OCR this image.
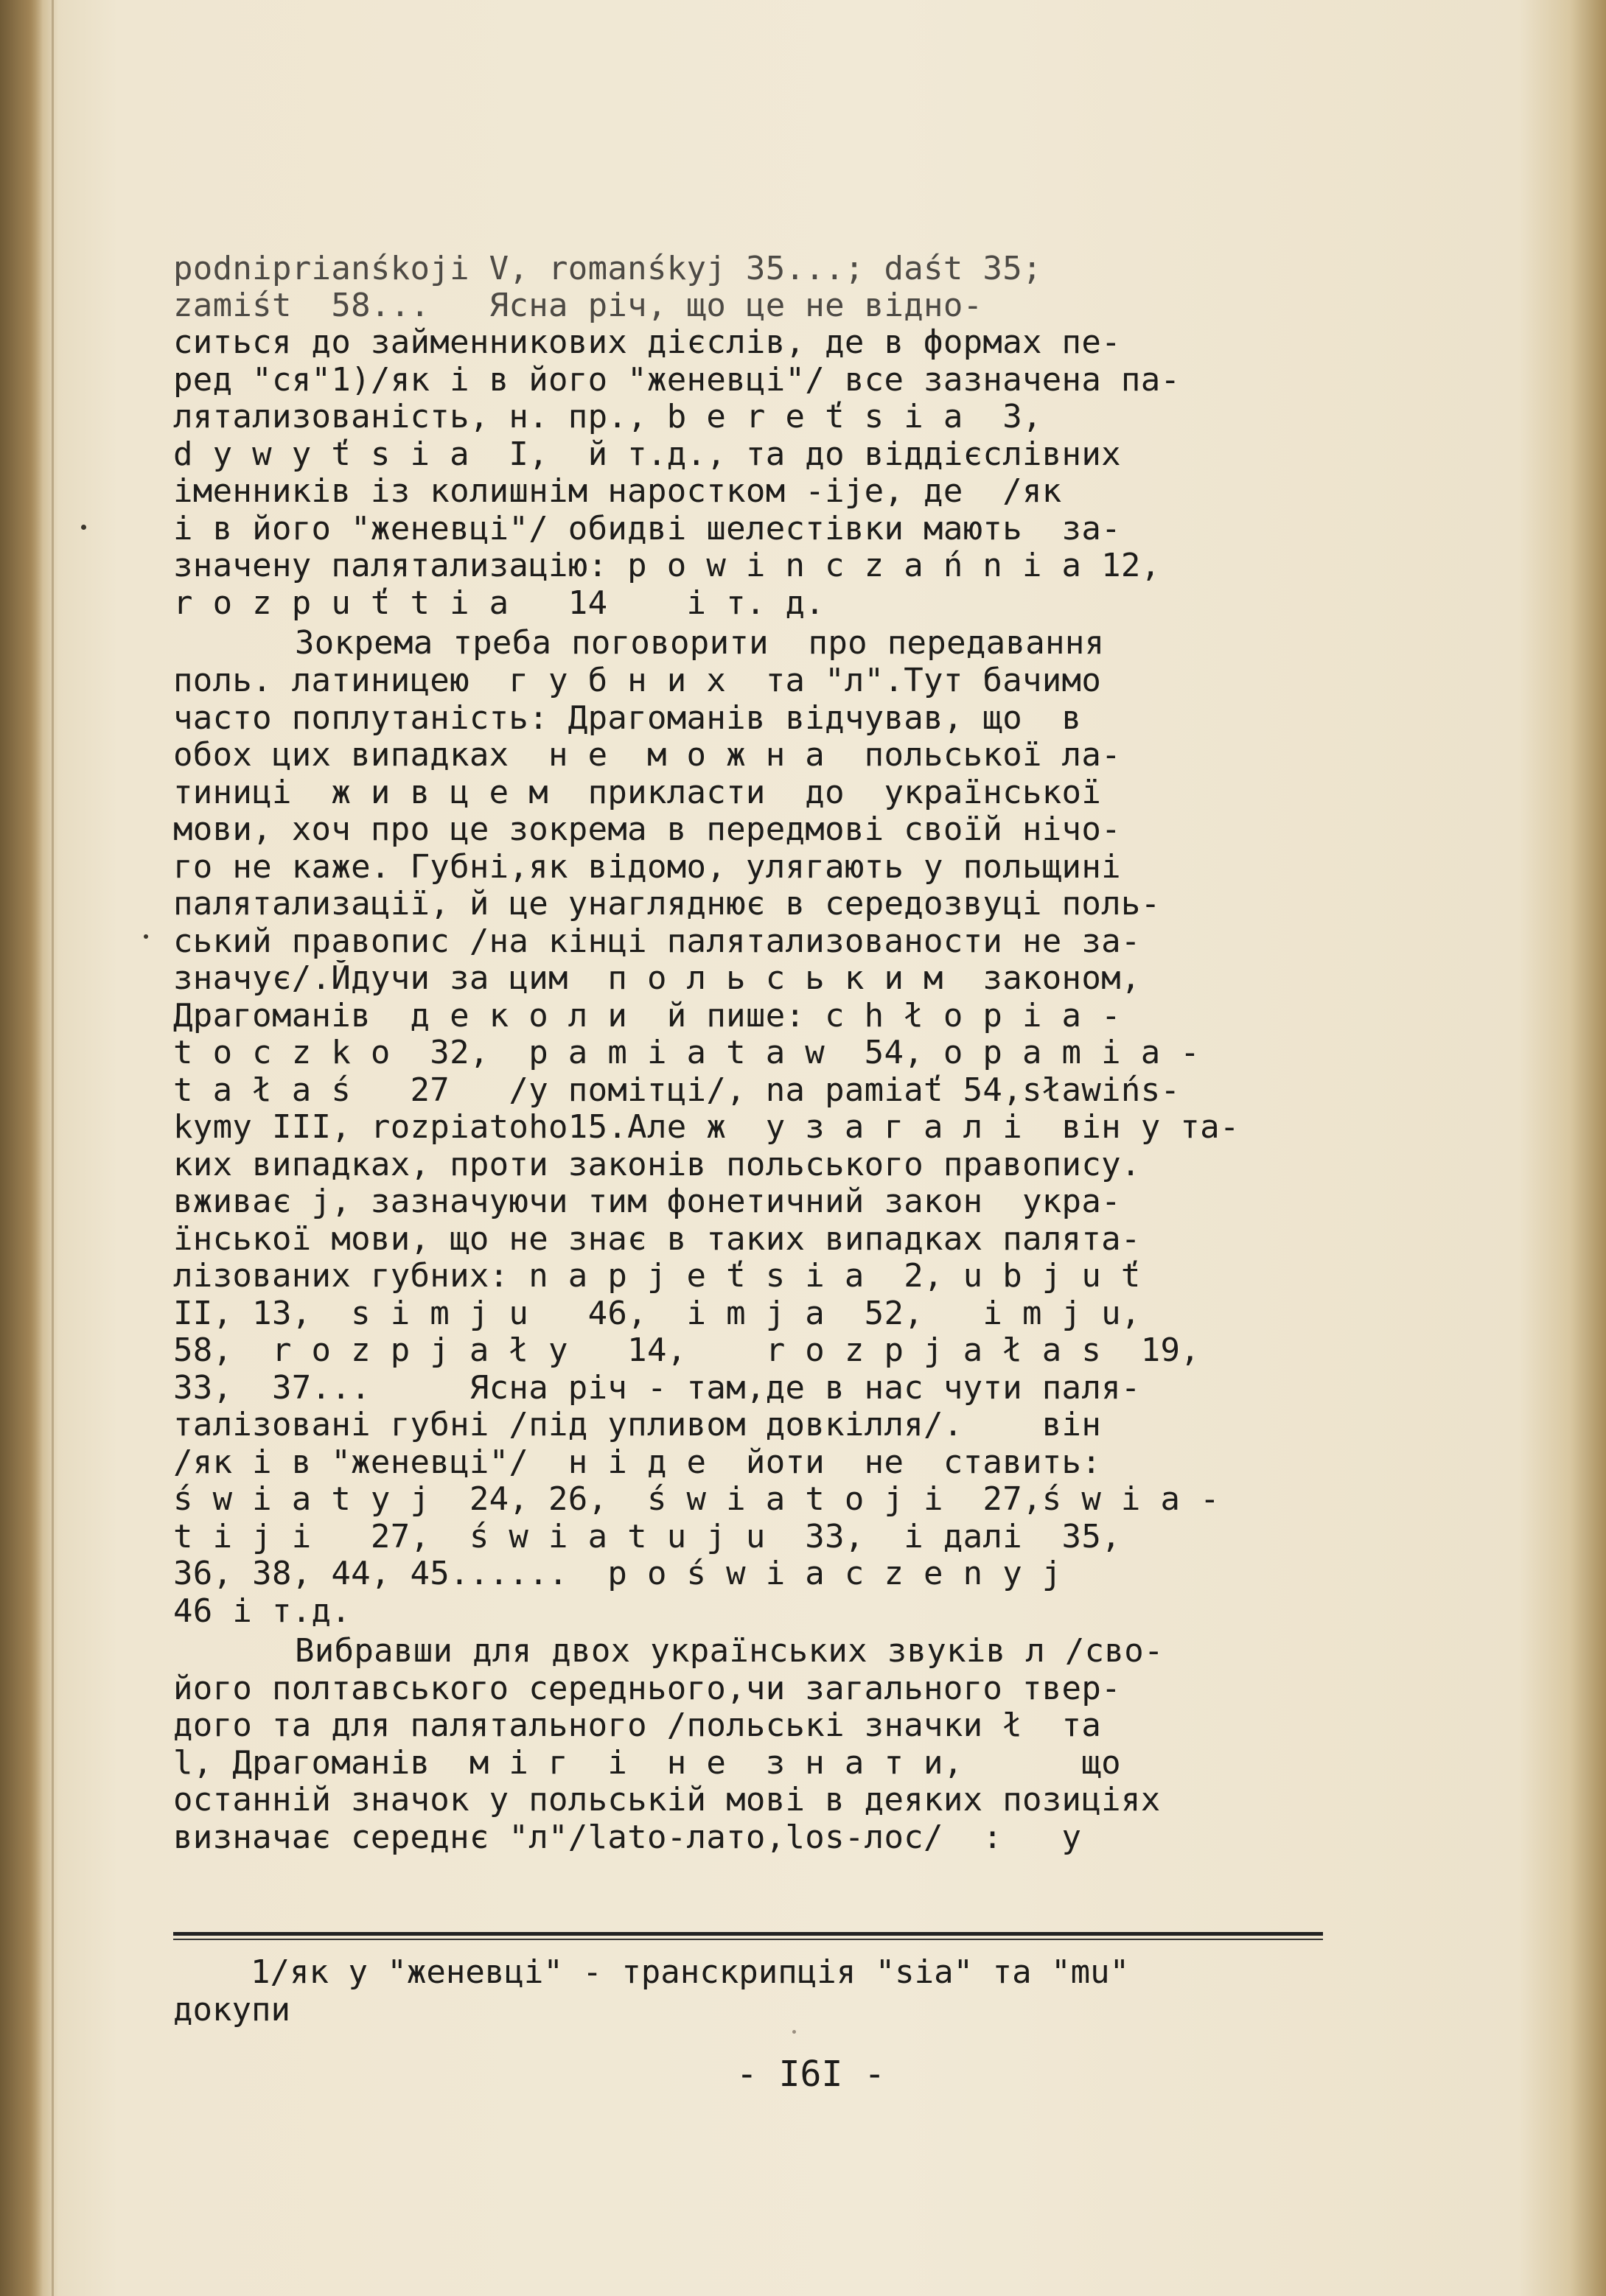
podniprianśkoji V, romanśkyj 35...; daśt 35;
zamiśt  58...   Ясна річ, що це не відно-
ситься до займенникових дієслів, де в формах пе-
ред "ся"1)/як і в його "женевці"/ все зазначена па-
лятализованість, н. пр., b e r e ť s i a  3,
d y w y ť s i a  I,  й т.д., та до віддієслівних
іменників із колишнім наростком -ije, де  /як
і в його "женевці"/ обидві шелестівки мають  за-
значену палятализацію: p o w i n c z a ń n i a 12,
r o z p u ť t i a   14    і т. д.
Зокрема треба поговорити  про передавання
поль. латиницею  г у б н и х  та "л".Тут бачимо
часто поплутаність: Драгоманів відчував, що  в
обох цих випадках  н е  м о ж н а  польської ла-
тиниці  ж и в ц е м  прикласти  до  української
мови, хоч про це зокрема в передмові своїй нічо-
го не каже. Губні,як відомо, улягають у польщині
палятализації, й це унагляднює в середозвуці поль-
ський правопис /на кінці палятализованости не за-
значує/.Йдучи за цим  п о л ь с ь к и м  законом,
Драгоманів  д е к о л и  й пише: c h ł o p i a -
t o c z k o  32,  p a m i a t a w  54, o p a m i a -
t a ł a ś   27   /у помітці/, na pamiať 54,sławińs-
kymy III, rozpiatoho15.Але ж  у з а г а л і  він у та-
ких випадках, проти законів польського правопису.
вживає j, зазначуючи тим фонетичний закон  укра-
їнської мови, що не знає в таких випадках палята-
лізованих губних: n a p j e ť s i a  2, u b j u ť
II, 13,  s i m j u   46,  i m j a  52,   i m j u,
58,  r o z p j a ł y   14,    r o z p j a ł a s  19,
33,  37...     Ясна річ - там,де в нас чути паля-
талізовані губні /під упливом довкілля/.    він
/як і в "женевці"/  н і д е  йоти  не  ставить:
ś w i a t y j  24, 26,  ś w i a t o j i  27,ś w i a -
t i j i   27,  ś w i a t u j u  33,  і далі  35,
36, 38, 44, 45......  p o ś w i a c z e n y j
46 і т.д.
Вибравши для двох українських звуків л /сво-
його полтавського середнього,чи загального твер-
дого та для палятального /польські значки ł  та
l, Драгоманів  м і г  і  н е  з н а т и,      що
останній значок у польській мові в деяких позиціях
визначає середнє "л"/lato-лато,los-лос/  :   у
1/як у "женевці" - транскрипція "sia" та "mu"
докупи
- I6I -
